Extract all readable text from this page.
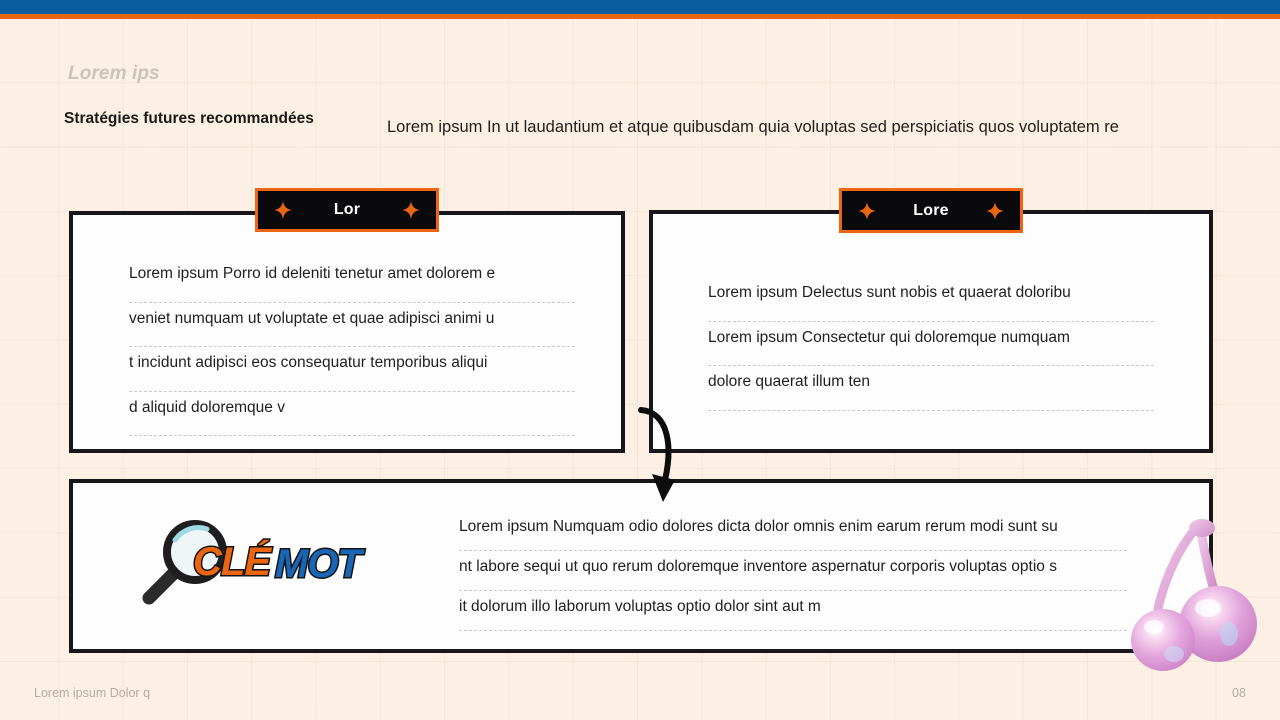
Lorem ips
Stratégies futures recommandées	Lorem ipsum In ut laudantium et atque quibusdam quia voluptas sed perspiciatis quos voluptatem re
Lor
Lorem ipsum Porro id deleniti tenetur amet dolorem e
veniet numquam ut voluptate et quae adipisci animi u
t incidunt adipisci eos consequatur temporibus aliqui
d aliquid doloremque v
Lore
Lorem ipsum Delectus sunt nobis et quaerat doloribu
Lorem ipsum Consectetur qui doloremque numquam
dolore quaerat illum ten
Lorem ipsum Numquam odio dolores dicta dolor omnis enim earum rerum modi sunt su
nt labore sequi ut quo rerum doloremque inventore aspernatur corporis voluptas optio s
it dolorum illo laborum voluptas optio dolor sint aut m
CLÉ MOT
Lorem ipsum Dolor q	08
